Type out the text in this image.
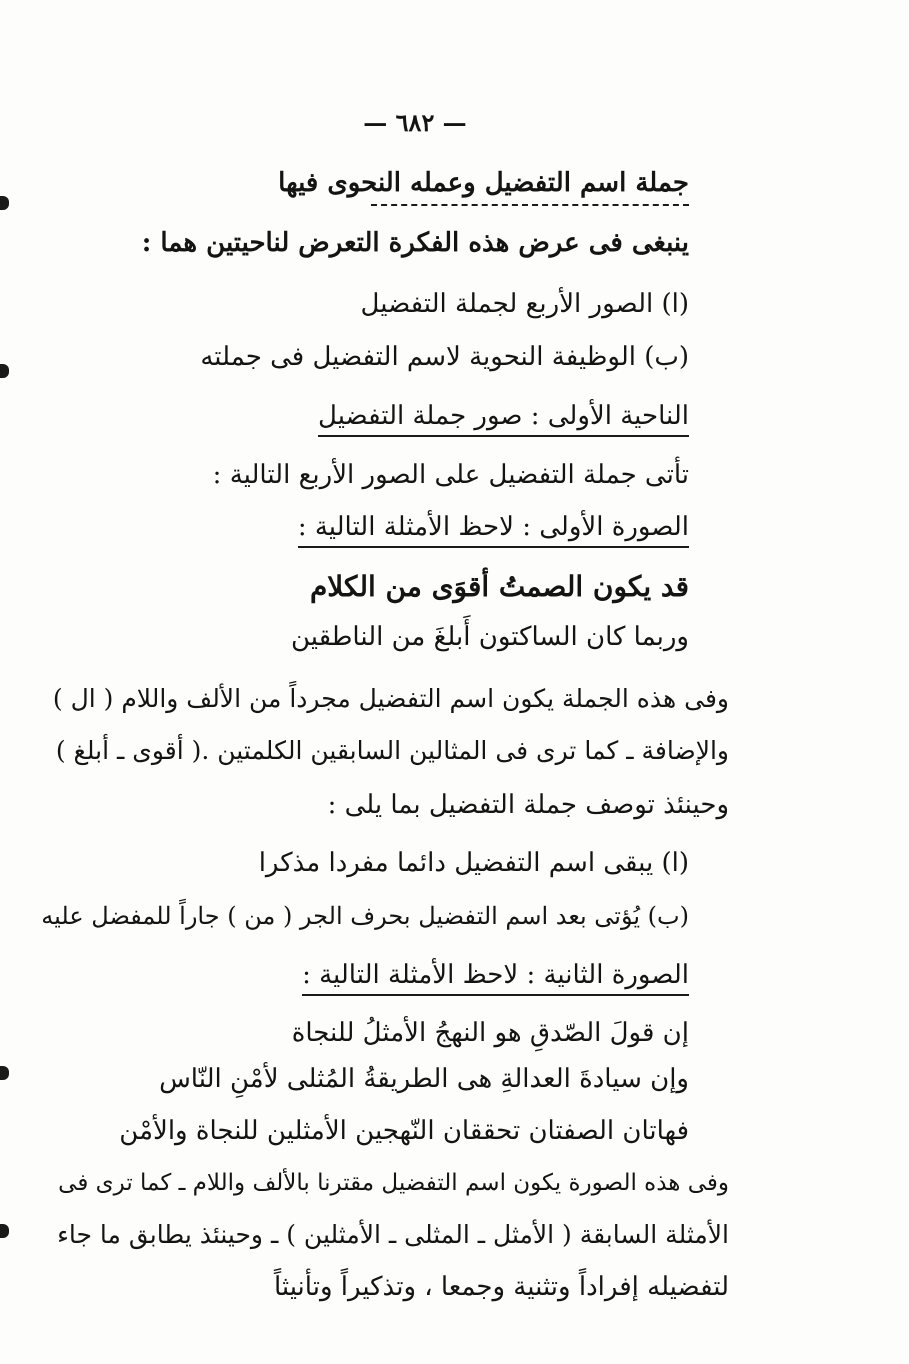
— ٦٨٢ —
جملة اسم التفضيل وعمله النحوى فيها
ينبغى فى عرض هذه الفكرة التعرض لناحيتين هما :
(ا) الصور الأربع لجملة التفضيل
(ب) الوظيفة النحوية لاسم التفضيل فى جملته
الناحية الأولى : صور جملة التفضيل
تأتى جملة التفضيل على الصور الأربع التالية :
الصورة الأولى : لاحظ الأمثلة التالية :
قد يكون الصمتُ أقوَى من الكلام
وربما كان الساكتون أَبلغَ من الناطقين
وفى هذه الجملة يكون اسم التفضيل مجرداً من الألف واللام ( ال )
والإضافة ـ كما ترى فى المثالين السابقين الكلمتين .( أقوى ـ أبلغ )
وحينئذ توصف جملة التفضيل بما يلى :
(ا) يبقى اسم التفضيل دائما مفردا مذكرا
(ب) يُؤتى بعد اسم التفضيل بحرف الجر ( من ) جاراً للمفضل عليه
الصورة الثانية : لاحظ الأمثلة التالية :
إن قولَ الصّدقِ هو النهجُ الأمثلُ للنجاة
وإن سيادةَ العدالةِ هى الطريقةُ المُثلى لأمْنِ النّاس
فهاتان الصفتان تحققان النّهجين الأمثلين للنجاة والأمْن
وفى هذه الصورة يكون اسم التفضيل مقترنا بالألف واللام ـ كما ترى فى
الأمثلة السابقة ( الأمثل ـ المثلى ـ الأمثلين ) ـ وحينئذ يطابق ما جاء
لتفضيله إفراداً وتثنية وجمعا ، وتذكيراً وتأنيثاً
